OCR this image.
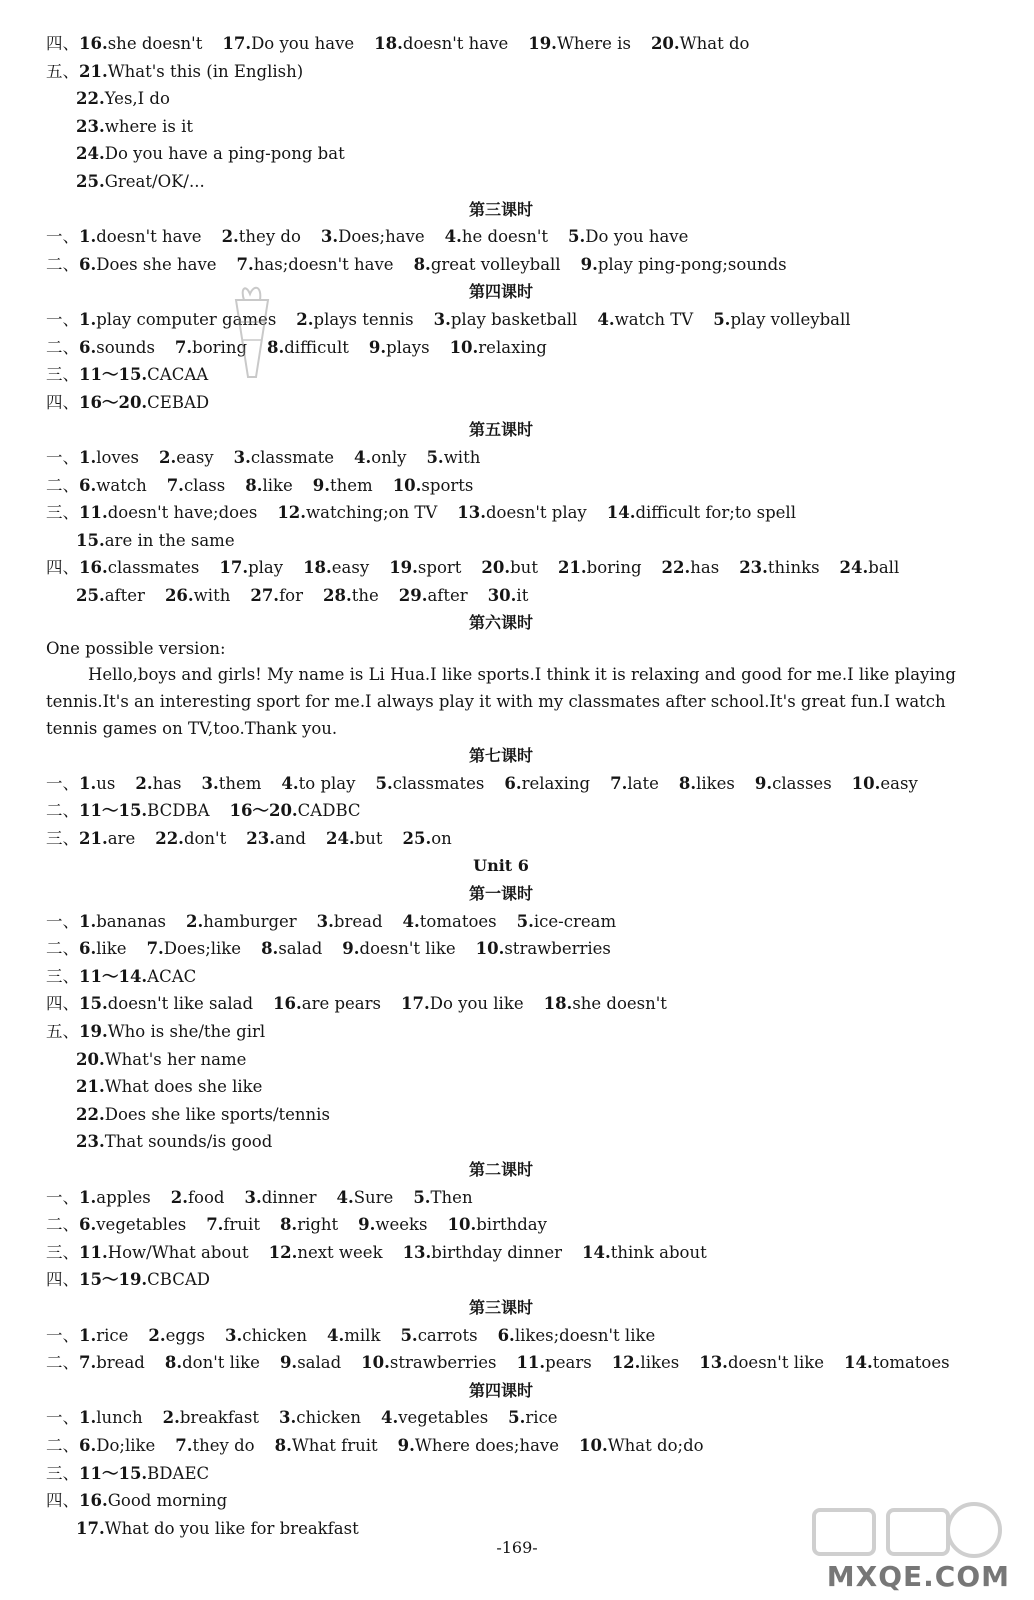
四、16.she doesn't 17.Do you have 18.doesn't have 19.Where is 20.What do
五、21.What's this (in English)
22.Yes,I do
23.where is it
24.Do you have a ping-pong bat
25.Great/OK/...
第三课时
一、1.doesn't have 2.they do 3.Does;have 4.he doesn't 5.Do you have
二、6.Does she have 7.has;doesn't have 8.great volleyball 9.play ping-pong;sounds
第四课时
一、1.play computer games 2.plays tennis 3.play basketball 4.watch TV 5.play volleyball
二、6.sounds 7.boring 8.difficult 9.plays 10.relaxing
三、11～15.CACAA
四、16～20.CEBAD
第五课时
一、1.loves 2.easy 3.classmate 4.only 5.with
二、6.watch 7.class 8.like 9.them 10.sports
三、11.doesn't have;does 12.watching;on TV 13.doesn't play 14.difficult for;to spell
15.are in the same
四、16.classmates 17.play 18.easy 19.sport 20.but 21.boring 22.has 23.thinks 24.ball
25.after 26.with 27.for 28.the 29.after 30.it
第六课时
One possible version:

Hello,boys and girls! My name is Li Hua.I like sports.I think it is relaxing and good for me.I like playing tennis.It's an interesting sport for me.I always play it with my classmates after school.It's great fun.I watch tennis games on TV,too.Thank you.

第七课时
一、1.us 2.has 3.them 4.to play 5.classmates 6.relaxing 7.late 8.likes 9.classes 10.easy
二、11～15.BCDBA 16～20.CADBC
三、21.are 22.don't 23.and 24.but 25.on
Unit 6
第一课时
一、1.bananas 2.hamburger 3.bread 4.tomatoes 5.ice-cream
二、6.like 7.Does;like 8.salad 9.doesn't like 10.strawberries
三、11～14.ACAC
四、15.doesn't like salad 16.are pears 17.Do you like 18.she doesn't
五、19.Who is she/the girl
20.What's her name
21.What does she like
22.Does she like sports/tennis
23.That sounds/is good
第二课时
一、1.apples 2.food 3.dinner 4.Sure 5.Then
二、6.vegetables 7.fruit 8.right 9.weeks 10.birthday
三、11.How/What about 12.next week 13.birthday dinner 14.think about
四、15～19.CBCAD
第三课时
一、1.rice 2.eggs 3.chicken 4.milk 5.carrots 6.likes;doesn't like
二、7.bread 8.don't like 9.salad 10.strawberries 11.pears 12.likes 13.doesn't like 14.tomatoes
第四课时
一、1.lunch 2.breakfast 3.chicken 4.vegetables 5.rice
二、6.Do;like 7.they do 8.What fruit 9.Where does;have 10.What do;do
三、11～15.BDAEC
四、16.Good morning
17.What do you like for breakfast
MXQE.COM
-169-
